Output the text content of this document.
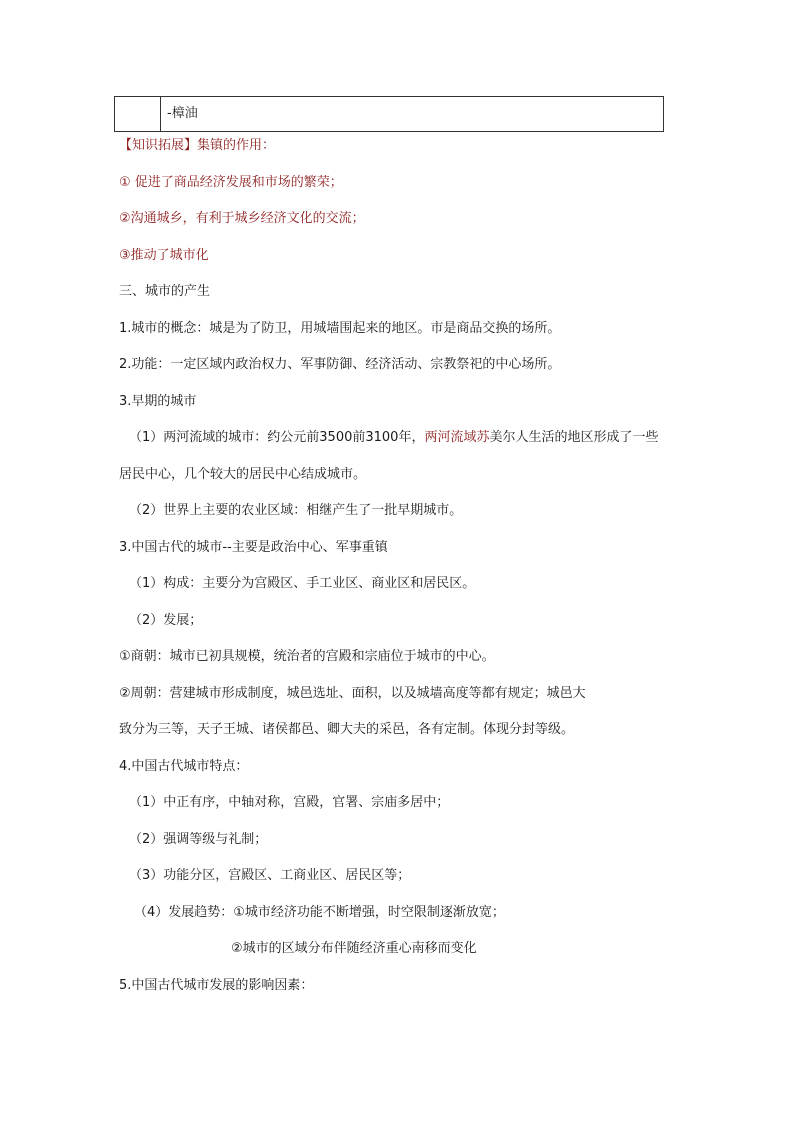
-樟油
【知识拓展】集镇的作用：
① 促进了商品经济发展和市场的繁荣；
②沟通城乡，有利于城乡经济文化的交流；
③推动了城市化
三、城市的产生
1.城市的概念：城是为了防卫，用城墙围起来的地区。市是商品交换的场所。
2.功能：一定区域内政治权力、军事防御、经济活动、宗教祭祀的中心场所。
3.早期的城市
（1）两河流域的城市：约公元前3500前3100年，两河流域苏美尔人生活的地区形成了一些
居民中心，几个较大的居民中心结成城市。
（2）世界上主要的农业区域：相继产生了一批早期城市。
3.中国古代的城市--主要是政治中心、军事重镇
（1）构成：主要分为宫殿区、手工业区、商业区和居民区。
（2）发展；
①商朝：城市已初具规模，统治者的宫殿和宗庙位于城市的中心。
②周朝：营建城市形成制度，城邑选址、面积，以及城墙高度等都有规定；城邑大
致分为三等，天子王城、诸侯都邑、卿大夫的采邑，各有定制。体现分封等级。
4.中国古代城市特点：
（1）中正有序，中轴对称，宫殿，官署、宗庙多居中；
（2）强调等级与礼制；
（3）功能分区，宫殿区、工商业区、居民区等；
（4）发展趋势：①城市经济功能不断增强，时空限制逐渐放宽；
②城市的区域分布伴随经济重心南移而变化
5.中国古代城市发展的影响因素：
